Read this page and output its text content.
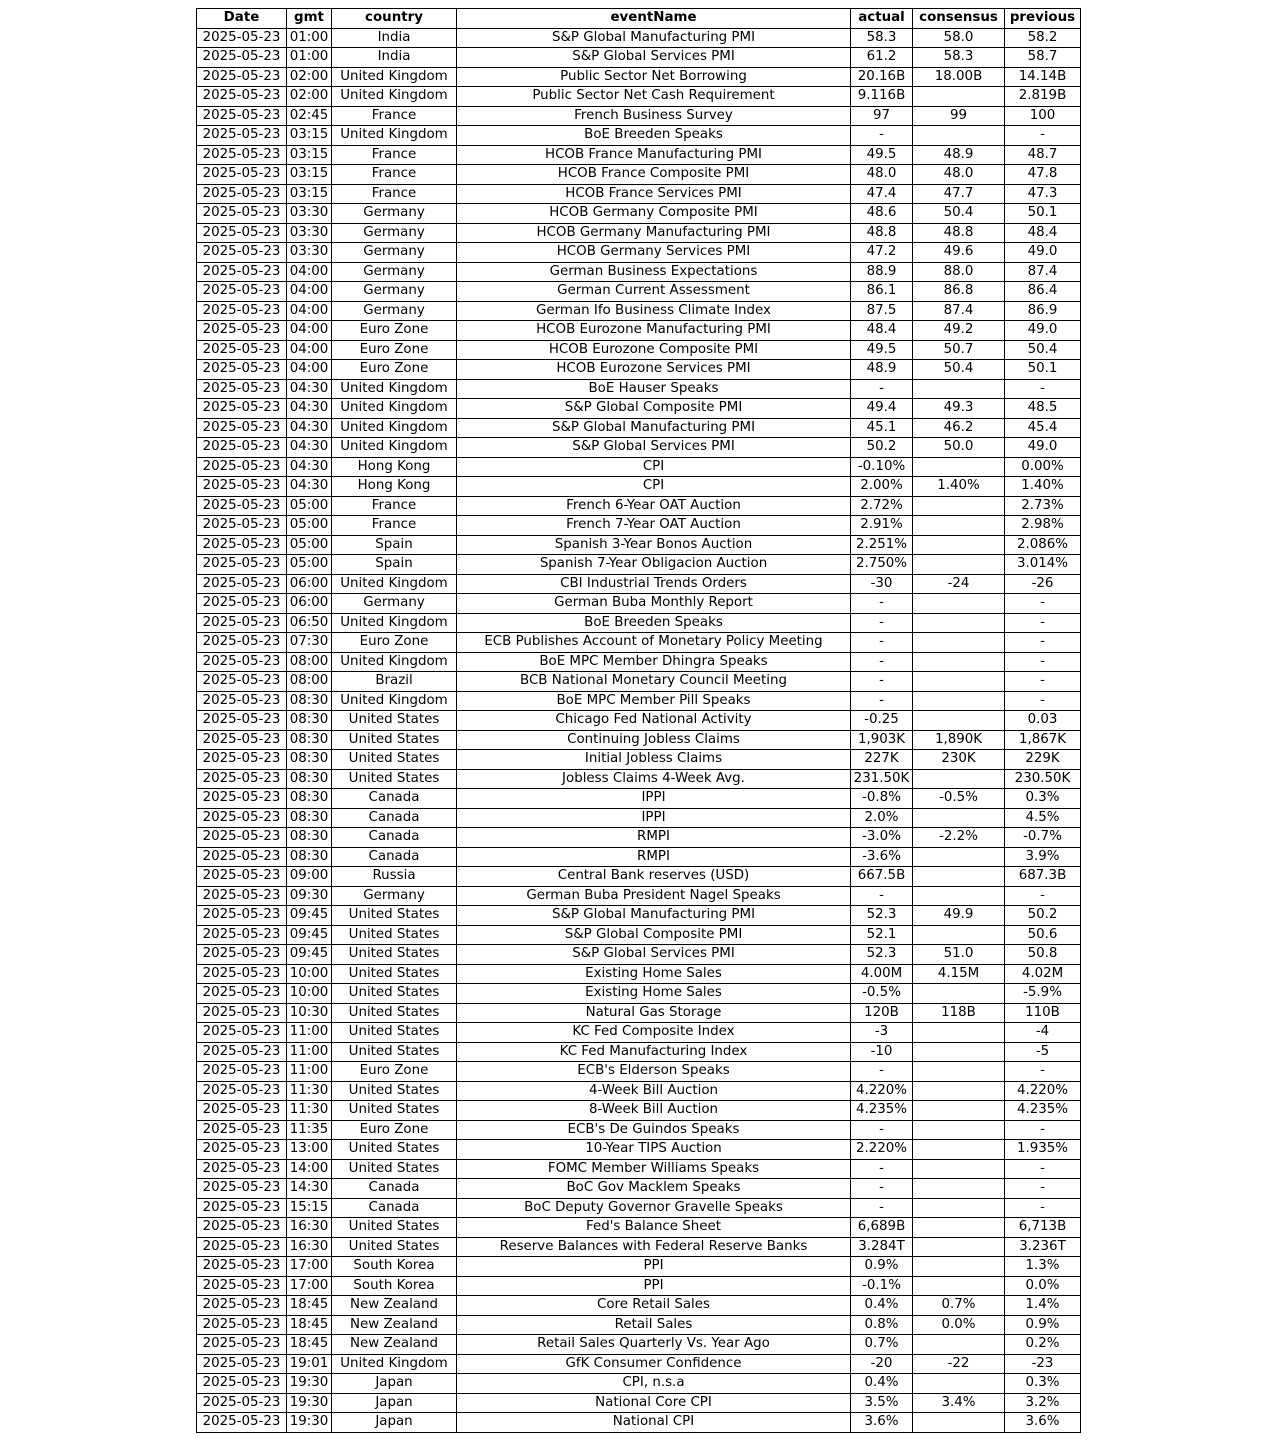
Date	gmt	country	eventName	actual	consensus	previous
2025-05-23	01:00	India	S&P Global Manufacturing PMI	58.3	58.0	58.2
2025-05-23	01:00	India	S&P Global Services PMI	61.2	58.3	58.7
2025-05-23	02:00	United Kingdom	Public Sector Net Borrowing	20.16B	18.00B	14.14B
2025-05-23	02:00	United Kingdom	Public Sector Net Cash Requirement	9.116B		2.819B
2025-05-23	02:45	France	French Business Survey	97	99	100
2025-05-23	03:15	United Kingdom	BoE Breeden Speaks	-		-
2025-05-23	03:15	France	HCOB France Manufacturing PMI	49.5	48.9	48.7
2025-05-23	03:15	France	HCOB France Composite PMI	48.0	48.0	47.8
2025-05-23	03:15	France	HCOB France Services PMI	47.4	47.7	47.3
2025-05-23	03:30	Germany	HCOB Germany Composite PMI	48.6	50.4	50.1
2025-05-23	03:30	Germany	HCOB Germany Manufacturing PMI	48.8	48.8	48.4
2025-05-23	03:30	Germany	HCOB Germany Services PMI	47.2	49.6	49.0
2025-05-23	04:00	Germany	German Business Expectations	88.9	88.0	87.4
2025-05-23	04:00	Germany	German Current Assessment	86.1	86.8	86.4
2025-05-23	04:00	Germany	German Ifo Business Climate Index	87.5	87.4	86.9
2025-05-23	04:00	Euro Zone	HCOB Eurozone Manufacturing PMI	48.4	49.2	49.0
2025-05-23	04:00	Euro Zone	HCOB Eurozone Composite PMI	49.5	50.7	50.4
2025-05-23	04:00	Euro Zone	HCOB Eurozone Services PMI	48.9	50.4	50.1
2025-05-23	04:30	United Kingdom	BoE Hauser Speaks	-		-
2025-05-23	04:30	United Kingdom	S&P Global Composite PMI	49.4	49.3	48.5
2025-05-23	04:30	United Kingdom	S&P Global Manufacturing PMI	45.1	46.2	45.4
2025-05-23	04:30	United Kingdom	S&P Global Services PMI	50.2	50.0	49.0
2025-05-23	04:30	Hong Kong	CPI	-0.10%		0.00%
2025-05-23	04:30	Hong Kong	CPI	2.00%	1.40%	1.40%
2025-05-23	05:00	France	French 6-Year OAT Auction	2.72%		2.73%
2025-05-23	05:00	France	French 7-Year OAT Auction	2.91%		2.98%
2025-05-23	05:00	Spain	Spanish 3-Year Bonos Auction	2.251%		2.086%
2025-05-23	05:00	Spain	Spanish 7-Year Obligacion Auction	2.750%		3.014%
2025-05-23	06:00	United Kingdom	CBI Industrial Trends Orders	-30	-24	-26
2025-05-23	06:00	Germany	German Buba Monthly Report	-		-
2025-05-23	06:50	United Kingdom	BoE Breeden Speaks	-		-
2025-05-23	07:30	Euro Zone	ECB Publishes Account of Monetary Policy Meeting	-		-
2025-05-23	08:00	United Kingdom	BoE MPC Member Dhingra Speaks	-		-
2025-05-23	08:00	Brazil	BCB National Monetary Council Meeting	-		-
2025-05-23	08:30	United Kingdom	BoE MPC Member Pill Speaks	-		-
2025-05-23	08:30	United States	Chicago Fed National Activity	-0.25		0.03
2025-05-23	08:30	United States	Continuing Jobless Claims	1,903K	1,890K	1,867K
2025-05-23	08:30	United States	Initial Jobless Claims	227K	230K	229K
2025-05-23	08:30	United States	Jobless Claims 4-Week Avg.	231.50K		230.50K
2025-05-23	08:30	Canada	IPPI	-0.8%	-0.5%	0.3%
2025-05-23	08:30	Canada	IPPI	2.0%		4.5%
2025-05-23	08:30	Canada	RMPI	-3.0%	-2.2%	-0.7%
2025-05-23	08:30	Canada	RMPI	-3.6%		3.9%
2025-05-23	09:00	Russia	Central Bank reserves (USD)	667.5B		687.3B
2025-05-23	09:30	Germany	German Buba President Nagel Speaks	-		-
2025-05-23	09:45	United States	S&P Global Manufacturing PMI	52.3	49.9	50.2
2025-05-23	09:45	United States	S&P Global Composite PMI	52.1		50.6
2025-05-23	09:45	United States	S&P Global Services PMI	52.3	51.0	50.8
2025-05-23	10:00	United States	Existing Home Sales	4.00M	4.15M	4.02M
2025-05-23	10:00	United States	Existing Home Sales	-0.5%		-5.9%
2025-05-23	10:30	United States	Natural Gas Storage	120B	118B	110B
2025-05-23	11:00	United States	KC Fed Composite Index	-3		-4
2025-05-23	11:00	United States	KC Fed Manufacturing Index	-10		-5
2025-05-23	11:00	Euro Zone	ECB's Elderson Speaks	-		-
2025-05-23	11:30	United States	4-Week Bill Auction	4.220%		4.220%
2025-05-23	11:30	United States	8-Week Bill Auction	4.235%		4.235%
2025-05-23	11:35	Euro Zone	ECB's De Guindos Speaks	-		-
2025-05-23	13:00	United States	10-Year TIPS Auction	2.220%		1.935%
2025-05-23	14:00	United States	FOMC Member Williams Speaks	-		-
2025-05-23	14:30	Canada	BoC Gov Macklem Speaks	-		-
2025-05-23	15:15	Canada	BoC Deputy Governor Gravelle Speaks	-		-
2025-05-23	16:30	United States	Fed's Balance Sheet	6,689B		6,713B
2025-05-23	16:30	United States	Reserve Balances with Federal Reserve Banks	3.284T		3.236T
2025-05-23	17:00	South Korea	PPI	0.9%		1.3%
2025-05-23	17:00	South Korea	PPI	-0.1%		0.0%
2025-05-23	18:45	New Zealand	Core Retail Sales	0.4%	0.7%	1.4%
2025-05-23	18:45	New Zealand	Retail Sales	0.8%	0.0%	0.9%
2025-05-23	18:45	New Zealand	Retail Sales Quarterly Vs. Year Ago	0.7%		0.2%
2025-05-23	19:01	United Kingdom	GfK Consumer Confidence	-20	-22	-23
2025-05-23	19:30	Japan	CPI, n.s.a	0.4%		0.3%
2025-05-23	19:30	Japan	National Core CPI	3.5%	3.4%	3.2%
2025-05-23	19:30	Japan	National CPI	3.6%		3.6%
